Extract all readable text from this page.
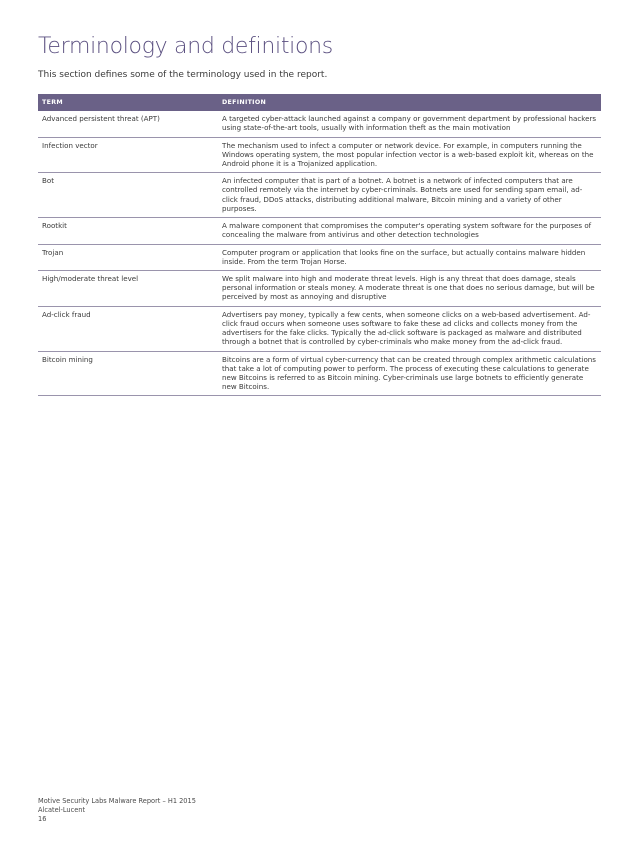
Terminology and definitions

This section defines some of the terminology used in the report.

TERM	DEFINITION
Advanced persistent threat (APT)	A targeted cyber-attack launched against a company or government department by professional hackers using state-of-the-art tools, usually with information theft as the main motivation
Infection vector	The mechanism used to infect a computer or network device. For example, in computers running the Windows operating system, the most popular infection vector is a web-based exploit kit, whereas on the Android phone it is a Trojanized application.
Bot	An infected computer that is part of a botnet. A botnet is a network of infected computers that are controlled remotely via the internet by cyber-criminals. Botnets are used for sending spam email, ad-click fraud, DDoS attacks, distributing additional malware, Bitcoin mining and a variety of other purposes.
Rootkit	A malware component that compromises the computer's operating system software for the purposes of concealing the malware from antivirus and other detection technologies
Trojan	Computer program or application that looks fine on the surface, but actually contains malware hidden inside. From the term Trojan Horse.
High/moderate threat level	We split malware into high and moderate threat levels. High is any threat that does damage, steals personal information or steals money. A moderate threat is one that does no serious damage, but will be perceived by most as annoying and disruptive
Ad-click fraud	Advertisers pay money, typically a few cents, when someone clicks on a web-based advertisement. Ad-click fraud occurs when someone uses software to fake these ad clicks and collects money from the advertisers for the fake clicks. Typically the ad-click software is packaged as malware and distributed through a botnet that is controlled by cyber-criminals who make money from the ad-click fraud.
Bitcoin mining	Bitcoins are a form of virtual cyber-currency that can be created through complex arithmetic calculations that take a lot of computing power to perform. The process of executing these calculations to generate new Bitcoins is referred to as Bitcoin mining. Cyber-criminals use large botnets to efficiently generate new Bitcoins.
Motive Security Labs Malware Report – H1 2015
Alcatel-Lucent
16
